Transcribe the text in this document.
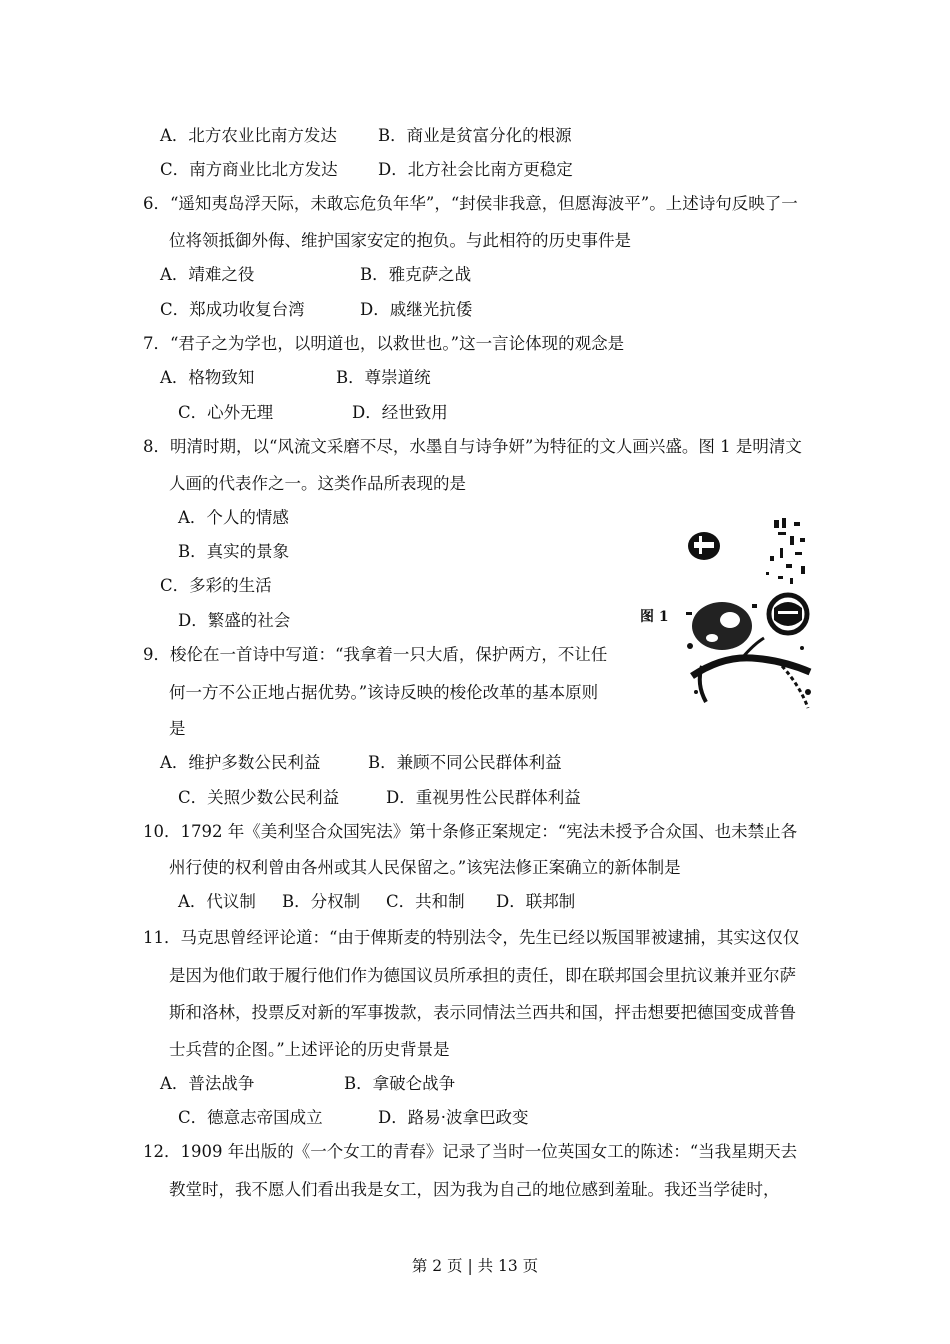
A．北方农业比南方发达 B．商业是贫富分化的根源
C．南方商业比北方发达 D．北方社会比南方更稳定
6．“遥知夷岛浮天际，未敢忘危负年华”，“封侯非我意，但愿海波平”。上述诗句反映了一
位将领抵御外侮、维护国家安定的抱负。与此相符的历史事件是
A．靖难之役	B．雅克萨之战
C．郑成功收复台湾	D．戚继光抗倭
7．“君子之为学也，以明道也，以救世也。”这一言论体现的观念是
A．格物致知	B．尊崇道统
C．心外无理	D．经世致用
8．明清时期，以“风流文采磨不尽，水墨自与诗争妍”为特征的文人画兴盛。图 1 是明清文
人画的代表作之一。这类作品所表现的是
A．个人的情感
B．真实的景象
C．多彩的生活
D．繁盛的社会	图 1
9．梭伦在一首诗中写道：“我拿着一只大盾，保护两方，不让任
何一方不公正地占据优势。”该诗反映的梭伦改革的基本原则
是
A．维护多数公民利益	B．兼顾不同公民群体利益
C．关照少数公民利益	D．重视男性公民群体利益
10．1792 年《美利坚合众国宪法》第十条修正案规定：“宪法未授予合众国、也未禁止各
州行使的权利曾由各州或其人民保留之。”该宪法修正案确立的新体制是
A．代议制 B．分权制 C．共和制 D．联邦制
11．马克思曾经评论道：“由于俾斯麦的特别法令，先生已经以叛国罪被逮捕，其实这仅仅
是因为他们敢于履行他们作为德国议员所承担的责任，即在联邦国会里抗议兼并亚尔萨
斯和洛林，投票反对新的军事拨款，表示同情法兰西共和国，抨击想要把德国变成普鲁
士兵营的企图。”上述评论的历史背景是
A．普法战争	B．拿破仑战争
C．德意志帝国成立	D．路易·波拿巴政变
12．1909 年出版的《一个女工的青春》记录了当时一位英国女工的陈述：“当我星期天去
教堂时，我不愿人们看出我是女工，因为我为自己的地位感到羞耻。我还当学徒时，
第 2 页 | 共 13 页
